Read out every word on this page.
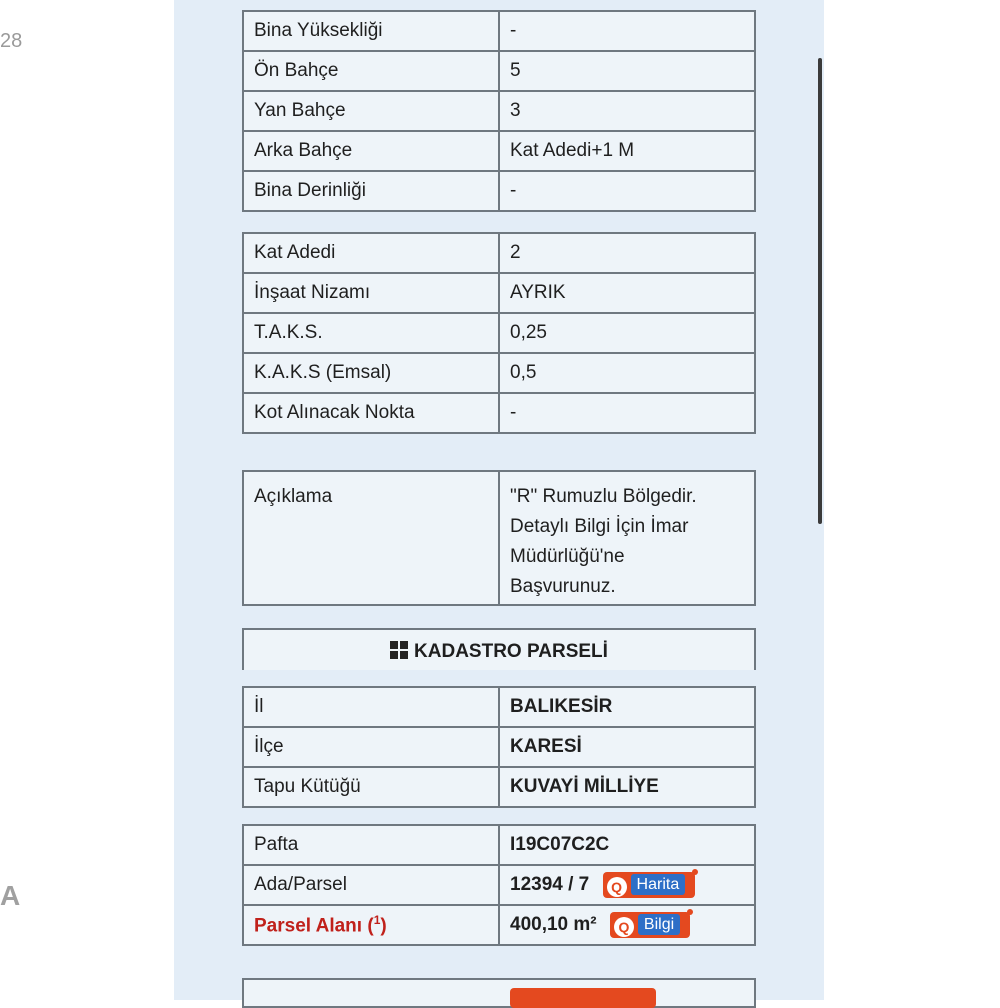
28
A
Bina Yüksekliği	-
Ön Bahçe	5
Yan Bahçe	3
Arka Bahçe	Kat Adedi+1 M
Bina Derinliği	-
Kat Adedi	2
İnşaat Nizamı	AYRIK
T.A.K.S.	0,25
K.A.K.S (Emsal)	0,5
Kot Alınacak Nokta	-
Açıklama	"R" Rumuzlu Bölgedir.
Detaylı Bilgi İçin İmar
Müdürlüğü'ne
Başvurunuz.
KADASTRO PARSELİ
İl	BALIKESİR
İlçe	KARESİ
Tapu Kütüğü	KUVAYİ MİLLİYE
Pafta	I19C07C2C
Ada/Parsel	12394 / 7 Q Harita

Parsel Alanı ($^1$)	400,10 m² Q Bilgi
